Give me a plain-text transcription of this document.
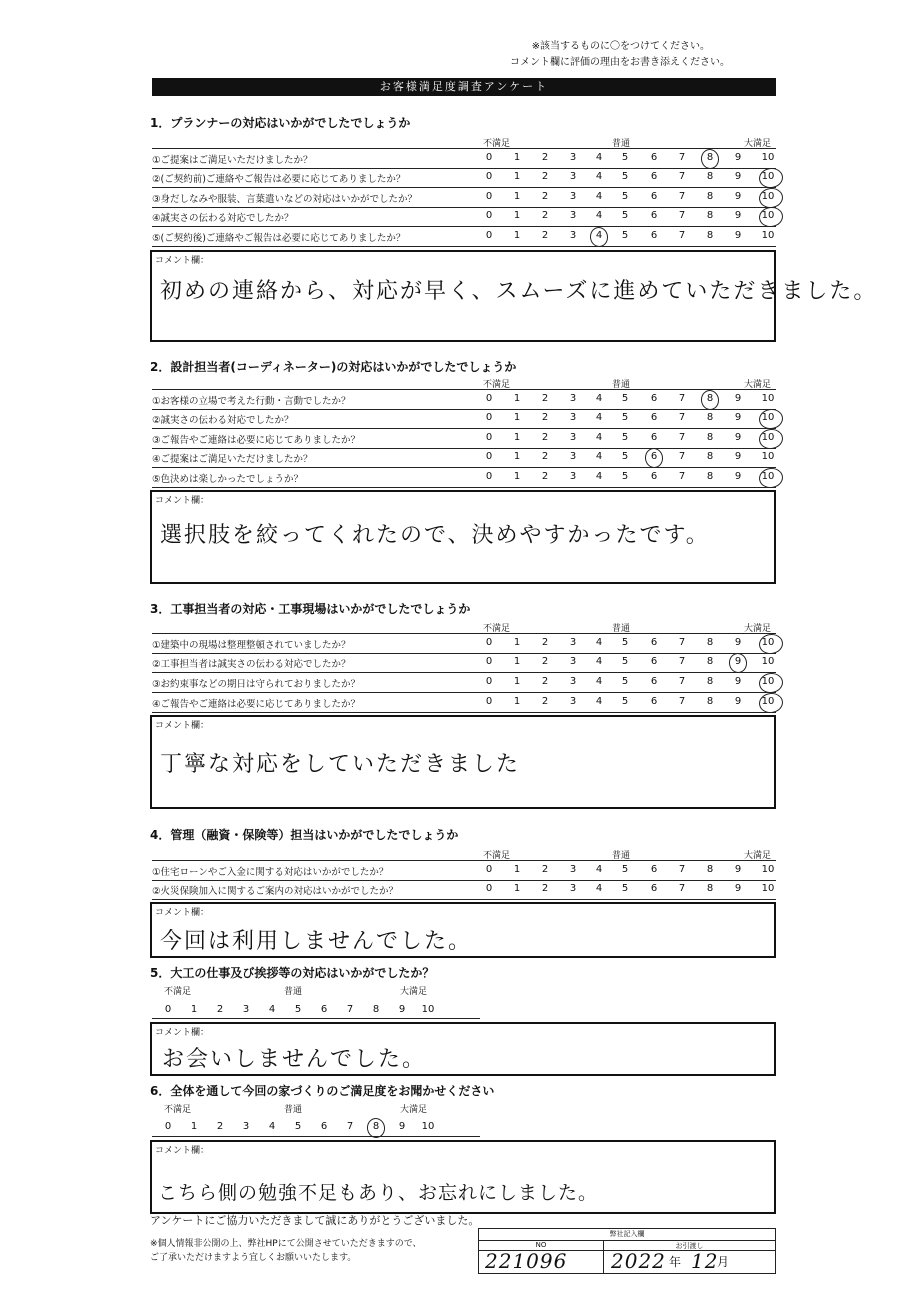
※該当するものに〇をつけてください。
コメント欄に評価の理由をお書き添えください。
お客様満足度調査アンケート
1．プランナーの対応はいかがでしたでしょうか
不満足	普通	大満足
①ご提案はご満足いただけましたか？	0	1	2	3	4	5	6	7	8	9	10
②(ご契約前)ご連絡やご報告は必要に応じてありましたか？	0	1	2	3	4	5	6	7	8	9	10
③身だしなみや服装、言葉遣いなどの対応はいかがでしたか？	0	1	2	3	4	5	6	7	8	9	10
④誠実さの伝わる対応でしたか？	0	1	2	3	4	5	6	7	8	9	10
⑤(ご契約後)ご連絡やご報告は必要に応じてありましたか？	0	1	2	3	4	5	6	7	8	9	10
コメント欄：
初めの連絡から、対応が早く、スムーズに進めていただきました。
2．設計担当者(コーディネーター)の対応はいかがでしたでしょうか
不満足	普通	大満足
①お客様の立場で考えた行動・言動でしたか？	0	1	2	3	4	5	6	7	8	9	10
②誠実さの伝わる対応でしたか？	0	1	2	3	4	5	6	7	8	9	10
③ご報告やご連絡は必要に応じてありましたか？	0	1	2	3	4	5	6	7	8	9	10
④ご提案はご満足いただけましたか？	0	1	2	3	4	5	6	7	8	9	10
⑤色決めは楽しかったでしょうか？	0	1	2	3	4	5	6	7	8	9	10
コメント欄：
選択肢を絞ってくれたので、決めやすかったです。
3．工事担当者の対応・工事現場はいかがでしたでしょうか
不満足	普通	大満足
①建築中の現場は整理整頓されていましたか？	0	1	2	3	4	5	6	7	8	9	10
②工事担当者は誠実さの伝わる対応でしたか？	0	1	2	3	4	5	6	7	8	9	10
③お約束事などの期日は守られておりましたか？	0	1	2	3	4	5	6	7	8	9	10
④ご報告やご連絡は必要に応じてありましたか？	0	1	2	3	4	5	6	7	8	9	10
コメント欄：
丁寧な対応をしていただきました
4．管理（融資・保険等）担当はいかがでしたでしょうか
不満足	普通	大満足
①住宅ローンやご入金に関する対応はいかがでしたか？	0	1	2	3	4	5	6	7	8	9	10
②火災保険加入に関するご案内の対応はいかがでしたか？	0	1	2	3	4	5	6	7	8	9	10
コメント欄：
今回は利用しませんでした。
5．大工の仕事及び挨拶等の対応はいかがでしたか？
不満足	普通	大満足
0	1	2	3	4	5	6	7	8	9	10
コメント欄：
お会いしませんでした。
6．全体を通して今回の家づくりのご満足度をお聞かせください
不満足	普通	大満足
0	1	2	3	4	5	6	7	8	9	10
コメント欄：
こちら側の勉強不足もあり、お忘れにしました。
アンケートにご協力いただきまして誠にありがとうございました。
※個人情報非公開の上、弊社HPにて公開させていただきますので、
ご了承いただけますよう宜しくお願いいたします。
弊社記入欄
NO	お引渡し
221096 2022 年 12
月
